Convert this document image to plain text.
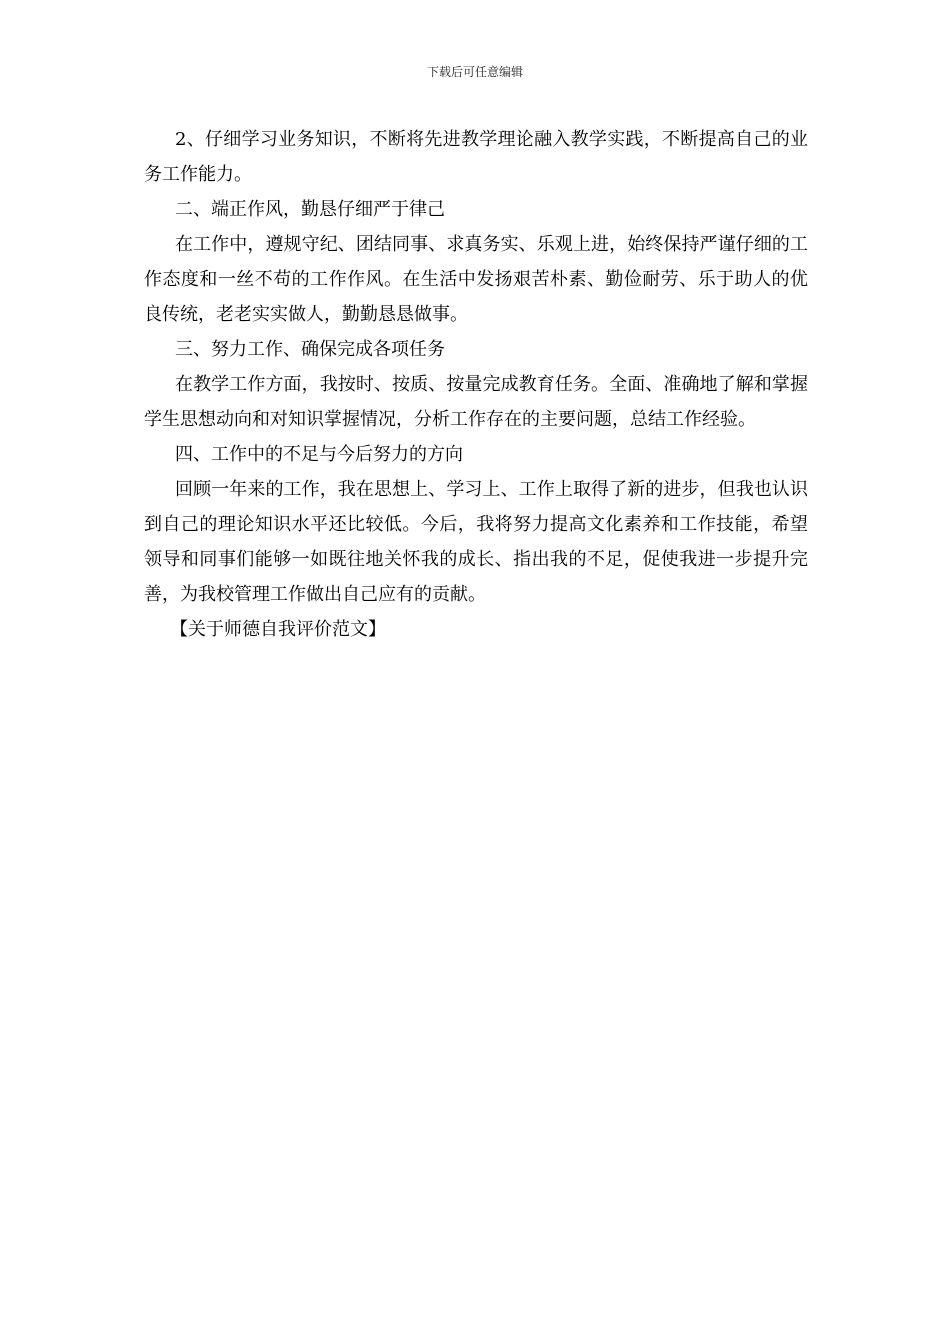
下载后可任意编辑

2、仔细学习业务知识，不断将先进教学理论融入教学实践，不断提高自己的业务工作能力。

二、端正作风，勤恳仔细严于律己

在工作中，遵规守纪、团结同事、求真务实、乐观上进，始终保持严谨仔细的工作态度和一丝不苟的工作作风。在生活中发扬艰苦朴素、勤俭耐劳、乐于助人的优良传统，老老实实做人，勤勤恳恳做事。

三、努力工作、确保完成各项任务

在教学工作方面，我按时、按质、按量完成教育任务。全面、准确地了解和掌握学生思想动向和对知识掌握情况，分析工作存在的主要问题，总结工作经验。

四、工作中的不足与今后努力的方向

回顾一年来的工作，我在思想上、学习上、工作上取得了新的进步，但我也认识到自己的理论知识水平还比较低。今后，我将努力提高文化素养和工作技能，希望领导和同事们能够一如既往地关怀我的成长、指出我的不足，促使我进一步提升完善，为我校管理工作做出自己应有的贡献。

【关于师德自我评价范文】
